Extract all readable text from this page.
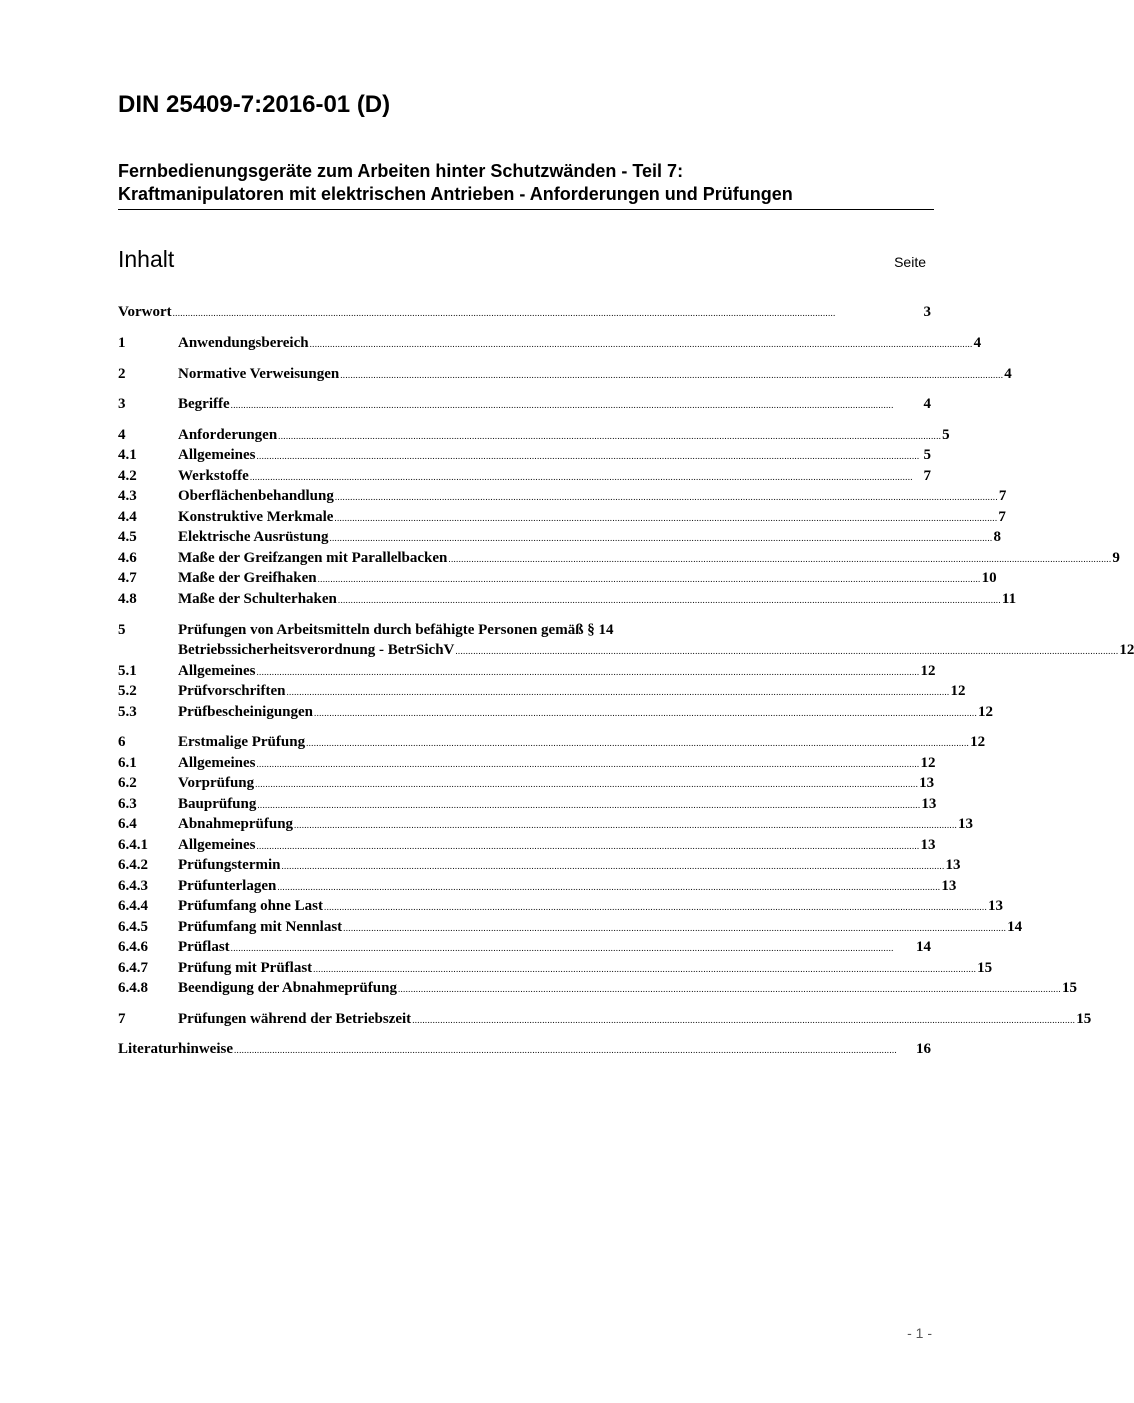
DIN 25409-7:2016-01 (D)
Fernbedienungsgeräte zum Arbeiten hinter Schutzwänden - Teil 7:
Kraftmanipulatoren mit elektrischen Antrieben - Anforderungen und Prüfungen
Inhalt	Seite
Vorwort ....................................................................................................................................................................................................................................................................	3
1	Anwendungsbereich .................................................................................................................................................................................................................................................................... 4
2	Normative Verweisungen .................................................................................................................................................................................................................................................................... 4
3	Begriffe ....................................................................................................................................................................................................................................................................	4
4	Anforderungen .................................................................................................................................................................................................................................................................... 5
4.1	Allgemeines .................................................................................................................................................................................................................................................................... 5
4.2	Werkstoffe .................................................................................................................................................................................................................................................................... 7
4.3	Oberflächenbehandlung .................................................................................................................................................................................................................................................................... 7
4.4	Konstruktive Merkmale .................................................................................................................................................................................................................................................................... 7
4.5	Elektrische Ausrüstung .................................................................................................................................................................................................................................................................... 8
4.6	Maße der Greifzangen mit Parallelbacken .................................................................................................................................................................................................................................................................... 9
4.7	Maße der Greifhaken .................................................................................................................................................................................................................................................................... 10
4.8	Maße der Schulterhaken .................................................................................................................................................................................................................................................................... 11
5	Prüfungen von Arbeitsmitteln durch befähigte Personen gemäß § 14
Betriebssicherheitsverordnung - BetrSichV .................................................................................................................................................................................................................................................................... 12
5.1	Allgemeines .................................................................................................................................................................................................................................................................... 12
5.2	Prüfvorschriften .................................................................................................................................................................................................................................................................... 12
5.3	Prüfbescheinigungen .................................................................................................................................................................................................................................................................... 12
6	Erstmalige Prüfung .................................................................................................................................................................................................................................................................... 12
6.1	Allgemeines .................................................................................................................................................................................................................................................................... 12
6.2	Vorprüfung .................................................................................................................................................................................................................................................................... 13
6.3	Bauprüfung .................................................................................................................................................................................................................................................................... 13
6.4	Abnahmeprüfung .................................................................................................................................................................................................................................................................... 13
6.4.1 Allgemeines .................................................................................................................................................................................................................................................................... 13
6.4.2 Prüfungstermin .................................................................................................................................................................................................................................................................... 13
6.4.3 Prüfunterlagen .................................................................................................................................................................................................................................................................... 13
6.4.4 Prüfumfang ohne Last .................................................................................................................................................................................................................................................................... 13
6.4.5 Prüfumfang mit Nennlast .................................................................................................................................................................................................................................................................... 14
6.4.6 Prüflast ....................................................................................................................................................................................................................................................................	14
6.4.7 Prüfung mit Prüflast .................................................................................................................................................................................................................................................................... 15
6.4.8 Beendigung der Abnahmeprüfung .................................................................................................................................................................................................................................................................... 15
7	Prüfungen während der Betriebszeit .................................................................................................................................................................................................................................................................... 15
Literaturhinweise ....................................................................................................................................................................................................................................................................	16
- 1 -
